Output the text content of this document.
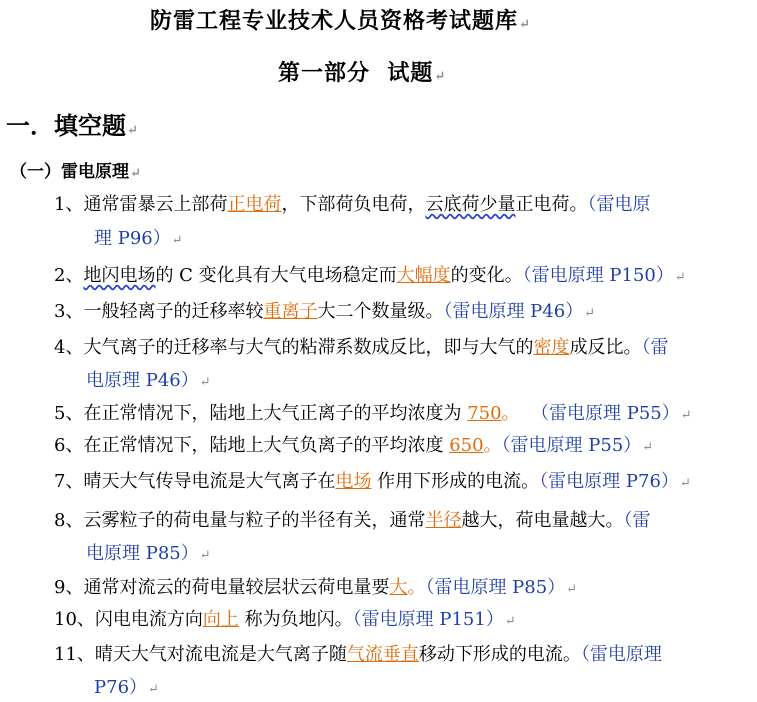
防雷工程专业技术人员资格考试题库↵
第一部分  试题↵
一．填空题↵
（一）雷电原理↵
1、通常雷暴云上部荷正电荷，下部荷负电荷，云底荷少量正电荷。（雷电原
理 P96）↵
2、地闪电场的 C 变化具有大气电场稳定而大幅度的变化。（雷电原理 P150）↵
3、一般轻离子的迁移率较重离子大二个数量级。（雷电原理 P46）↵
4、大气离子的迁移率与大气的粘滞系数成反比，即与大气的密度成反比。（雷
电原理 P46）↵
5、在正常情况下，陆地上大气正离子的平均浓度为 750。  （雷电原理 P55）↵
6、在正常情况下，陆地上大气负离子的平均浓度 650。（雷电原理 P55）↵
7、晴天大气传导电流是大气离子在电场 作用下形成的电流。（雷电原理 P76）↵
8、云雾粒子的荷电量与粒子的半径有关，通常半径越大，荷电量越大。（雷
电原理 P85）↵
9、通常对流云的荷电量较层状云荷电量要大。（雷电原理 P85）↵
10、闪电电流方向向上 称为负地闪。（雷电原理 P151）↵
11、晴天大气对流电流是大气离子随气流垂直移动下形成的电流。（雷电原理
P76）↵
